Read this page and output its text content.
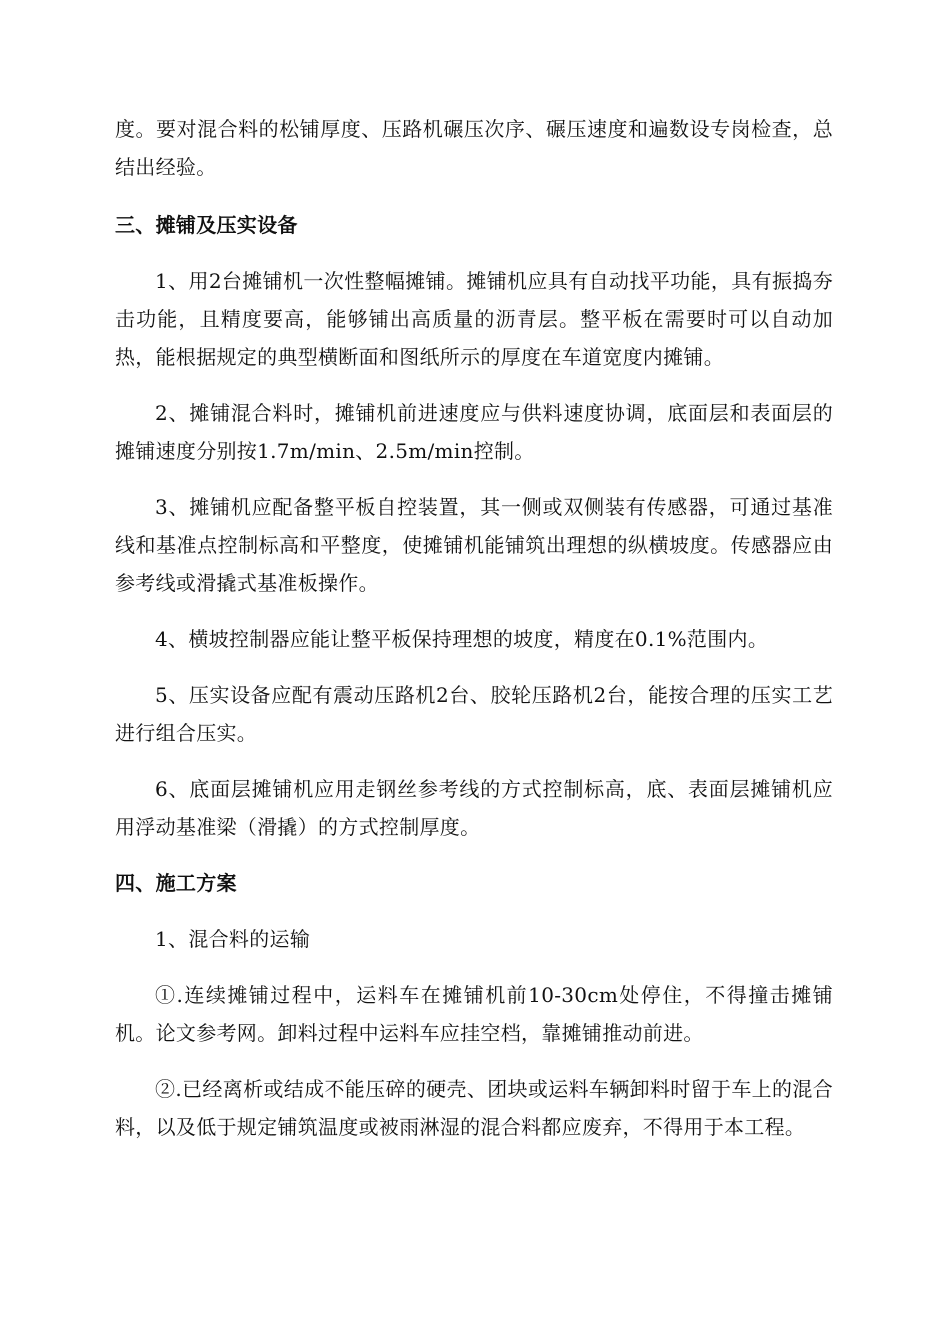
度。要对混合料的松铺厚度、压路机碾压次序、碾压速度和遍数设专岗检查，总结出经验。

三、摊铺及压实设备

1、用2台摊铺机一次性整幅摊铺。摊铺机应具有自动找平功能，具有振捣夯击功能，且精度要高，能够铺出高质量的沥青层。整平板在需要时可以自动加热，能根据规定的典型横断面和图纸所示的厚度在车道宽度内摊铺。

2、摊铺混合料时，摊铺机前进速度应与供料速度协调，底面层和表面层的摊铺速度分别按1.7m/min、2.5m/min控制。

3、摊铺机应配备整平板自控装置，其一侧或双侧装有传感器，可通过基准线和基准点控制标高和平整度，使摊铺机能铺筑出理想的纵横坡度。传感器应由参考线或滑撬式基准板操作。

4、横坡控制器应能让整平板保持理想的坡度，精度在0.1%范围内。

5、压实设备应配有震动压路机2台、胶轮压路机2台，能按合理的压实工艺进行组合压实。

6、底面层摊铺机应用走钢丝参考线的方式控制标高，底、表面层摊铺机应用浮动基准梁（滑撬）的方式控制厚度。

四、施工方案

1、混合料的运输

①.连续摊铺过程中，运料车在摊铺机前10-30cm处停住，不得撞击摊铺机。论文参考网。卸料过程中运料车应挂空档，靠摊铺推动前进。

②.已经离析或结成不能压碎的硬壳、团块或运料车辆卸料时留于车上的混合料，以及低于规定铺筑温度或被雨淋湿的混合料都应废弃，不得用于本工程。
